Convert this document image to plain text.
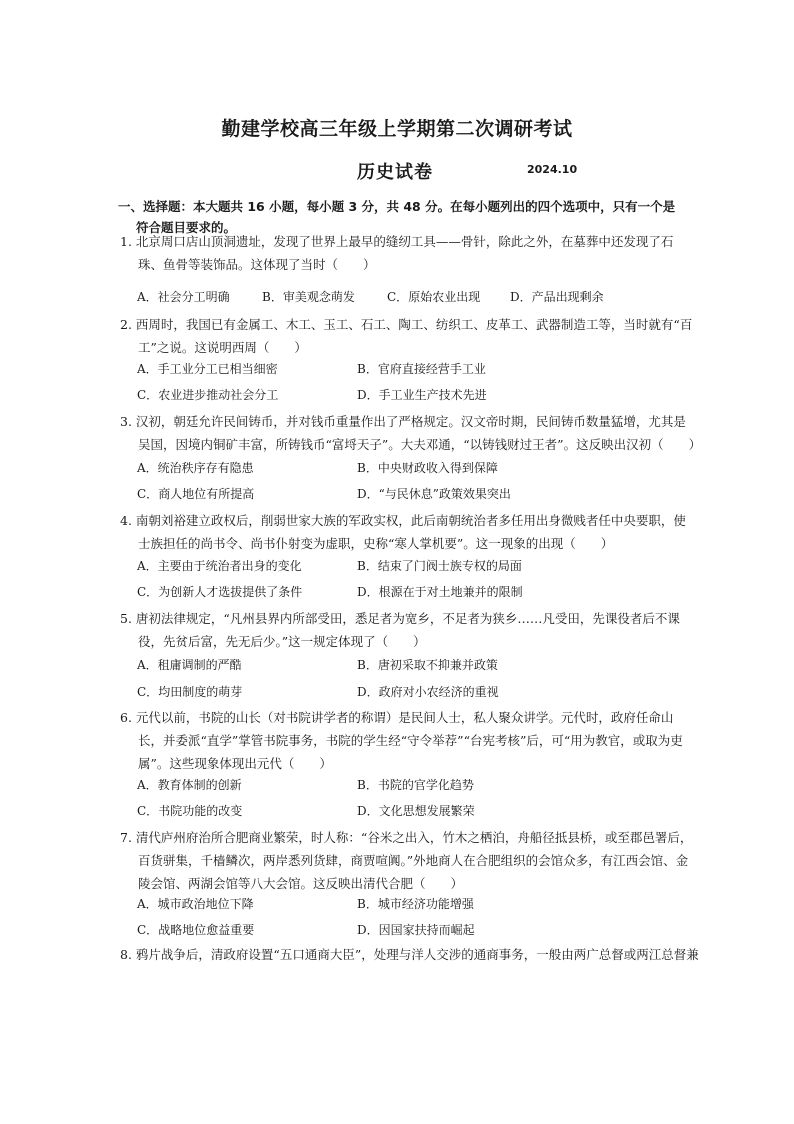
勤建学校高三年级上学期第二次调研考试
历史试卷	2024.10
一、选择题：本大题共 16 小题，每小题 3 分，共 48 分。在每小题列出的四个选项中，只有一个是符合题目要求的。
1. 北京周口店山顶洞遗址，发现了世界上最早的缝纫工具——骨针，除此之外，在墓葬中还发现了石珠、鱼骨等装饰品。这体现了当时（　　）
A．社会分工明确	B．审美观念萌发	C．原始农业出现 D．产品出现剩余
2. 西周时，我国已有金属工、木工、玉工、石工、陶工、纺织工、皮革工、武器制造工等，当时就有“百工”之说。这说明西周（　　）
A．手工业分工已相当细密	B．官府直接经营手工业
C．农业进步推动社会分工	D．手工业生产技术先进
3. 汉初，朝廷允许民间铸币，并对钱币重量作出了严格规定。汉文帝时期，民间铸币数量猛增，尤其是吴国，因境内铜矿丰富，所铸钱币“富埒天子”。大夫邓通，“以铸钱财过王者”。这反映出汉初（　　）
A．统治秩序存有隐患	B．中央财政收入得到保障
C．商人地位有所提高	D．“与民休息”政策效果突出
4. 南朝刘裕建立政权后，削弱世家大族的军政实权，此后南朝统治者多任用出身微贱者任中央要职，使士族担任的尚书令、尚书仆射变为虚职，史称“寒人掌机要”。这一现象的出现（　　）
A．主要由于统治者出身的变化	B．结束了门阀士族专权的局面
C．为创新人才选拔提供了条件	D．根源在于对土地兼并的限制
5. 唐初法律规定，“凡州县界内所部受田，悉足者为宽乡，不足者为狭乡……凡受田，先课役者后不课役，先贫后富，先无后少。”这一规定体现了（　　）
A．租庸调制的严酷	B．唐初采取不抑兼并政策
C．均田制度的萌芽	D．政府对小农经济的重视
6. 元代以前，书院的山长（对书院讲学者的称谓）是民间人士，私人聚众讲学。元代时，政府任命山长，并委派“直学”掌管书院事务，书院的学生经“守令举荐”“台宪考核”后，可“用为教官，或取为吏属”。这些现象体现出元代（　　）
A．教育体制的创新	B．书院的官学化趋势
C．书院功能的改变	D．文化思想发展繁荣
7. 清代庐州府治所合肥商业繁荣，时人称：“谷米之出入，竹木之栖泊，舟船径抵县桥，或至郡邑署后，百货骈集，千樯鳞次，两岸悉列货肆，商贾喧阗。”外地商人在合肥组织的会馆众多，有江西会馆、金陵会馆、两湖会馆等八大会馆。这反映出清代合肥（　　）
A．城市政治地位下降	B．城市经济功能增强
C．战略地位愈益重要	D．因国家扶持而崛起
8. 鸦片战争后，清政府设置“五口通商大臣”，处理与洋人交涉的通商事务，一般由两广总督或两江总督兼
